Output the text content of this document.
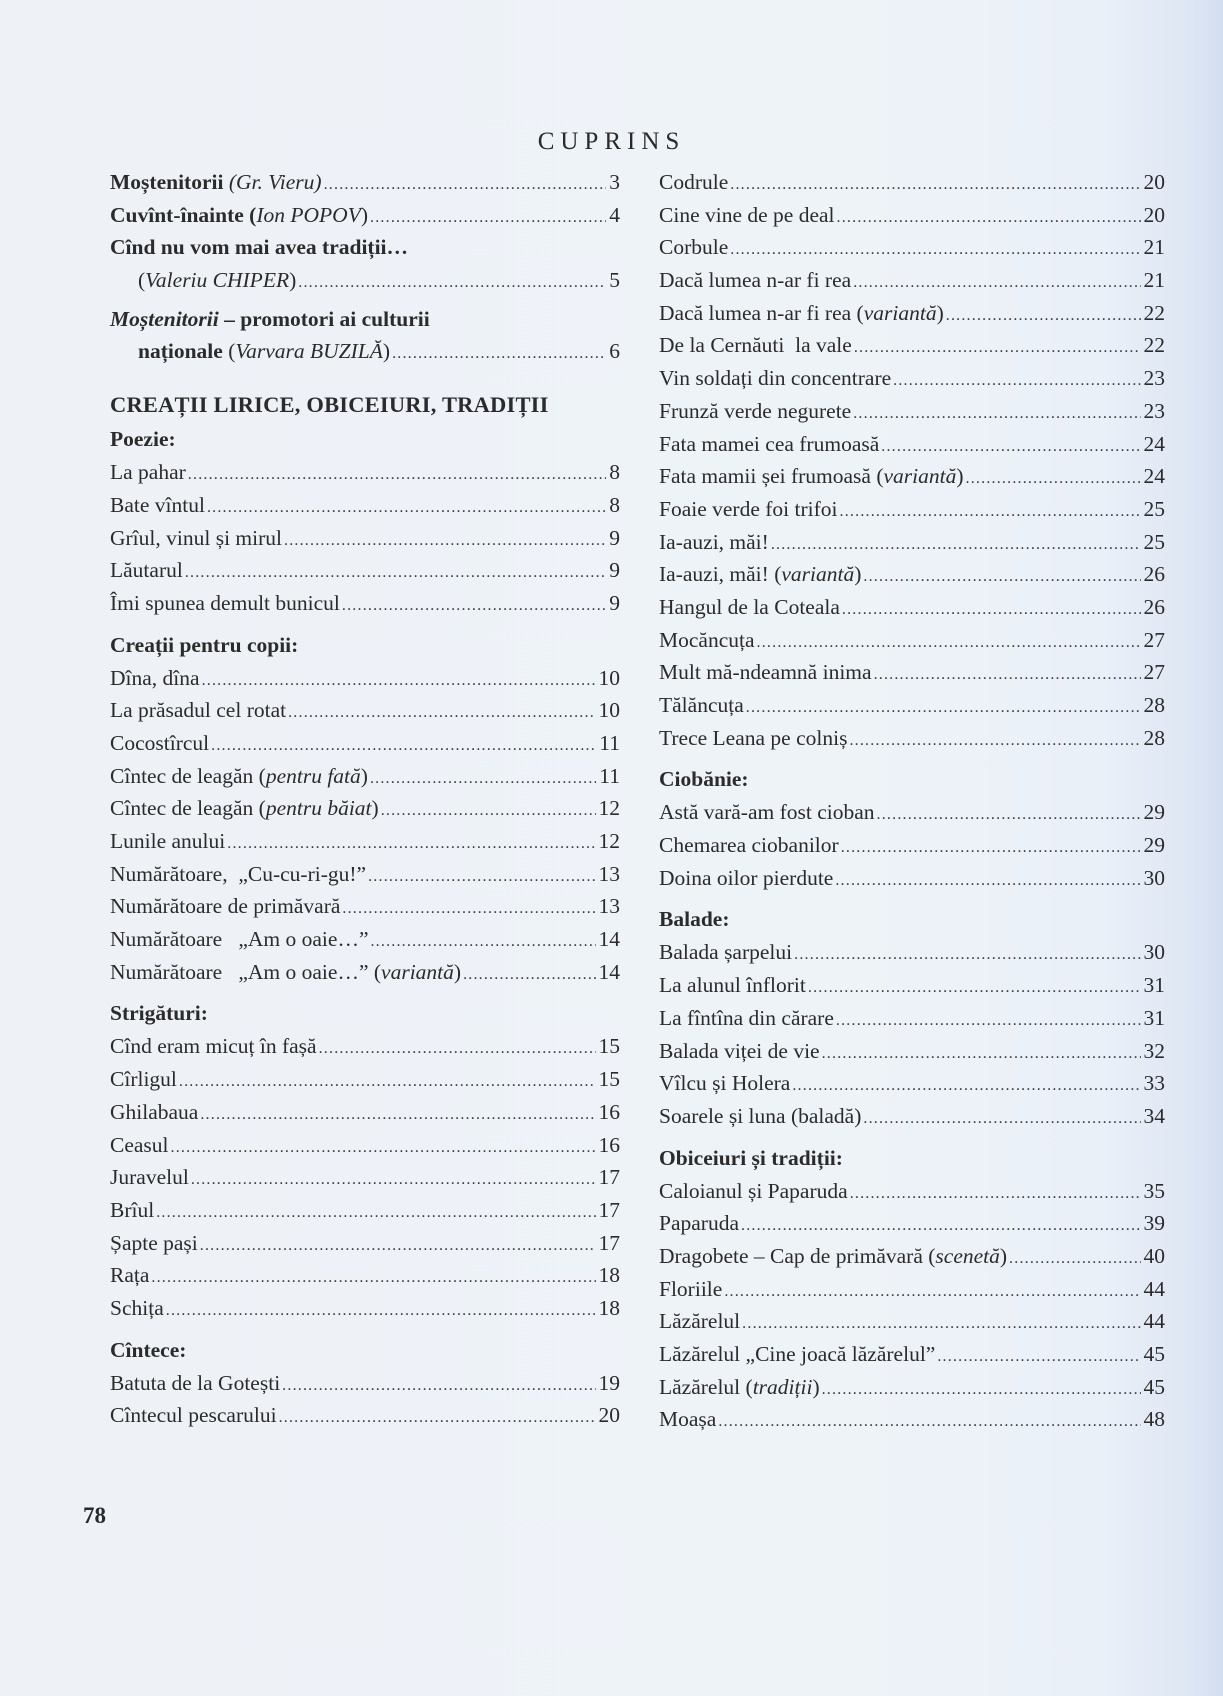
CUPRINS
Moștenitorii (Gr. Vieru) .....	3
Cuvînt-înainte (Ion POPOV) .....	4
Cînd nu vom mai avea tradiții…
(Valeriu CHIPER) .....	5
Moștenitorii – promotori ai culturii
naționale (Varvara BUZILĂ) .....	6
CREAȚII LIRICE, OBICEIURI, TRADIȚII
Poezie:
La pahar .....	8
Bate vîntul .....	8
Grîul, vinul și mirul .....	9
Lăutarul .....	9
Îmi spunea demult bunicul .....	9
Creații pentru copii:
Dîna, dîna .....	10
La prăsadul cel rotat .....	10
Cocostîrcul .....	11
Cîntec de leagăn (pentru fată) .....	11
Cîntec de leagăn (pentru băiat) .....	12
Lunile anului .....	12
Numărătoare,  „Cu-cu-ri-gu!” .....	13
Numărătoare de primăvară .....	13
Numărătoare   „Am o oaie…” .....	14
Numărătoare   „Am o oaie…” (variantă) .....	14
Strigături:
Cînd eram micuț în fașă .....	15
Cîrligul .....	15
Ghilabaua .....	16
Ceasul .....	16
Juravelul .....	17
Brîul .....	17
Șapte pași .....	17
Rața .....	18
Schița .....	18
Cîntece:
Batuta de la Gotești .....	19
Cîntecul pescarului .....	20
Codrule .....	20
Cine vine de pe deal .....	20
Corbule .....	21
Dacă lumea n-ar fi rea .....	21
Dacă lumea n-ar fi rea (variantă) .....	22
De la Cernăuti  la vale .....	22
Vin soldați din concentrare .....	23
Frunză verde negurete .....	23
Fata mamei cea frumoasă .....	24
Fata mamii șei frumoasă (variantă) .....	24
Foaie verde foi trifoi .....	25
Ia-auzi, măi! .....	25
Ia-auzi, măi! (variantă) .....	26
Hangul de la Coteala .....	26
Mocăncuța .....	27
Mult mă-ndeamnă inima .....	27
Tălăncuța .....	28
Trece Leana pe colniș .....	28
Ciobănie:
Astă vară-am fost cioban .....	29
Chemarea ciobanilor .....	29
Doina oilor pierdute .....	30
Balade:
Balada șarpelui .....	30
La alunul înflorit .....	31
La fîntîna din cărare .....	31
Balada viței de vie .....	32
Vîlcu și Holera .....	33
Soarele și luna (baladă) .....	34
Obiceiuri și tradiții:
Caloianul și Paparuda .....	35
Paparuda .....	39
Dragobete – Cap de primăvară (scenetă) .....	40
Floriile .....	44
Lăzărelul .....	44
Lăzărelul „Cine joacă lăzărelul” .....	45
Lăzărelul (tradiții) .....	45
Moașa .....	48
78
